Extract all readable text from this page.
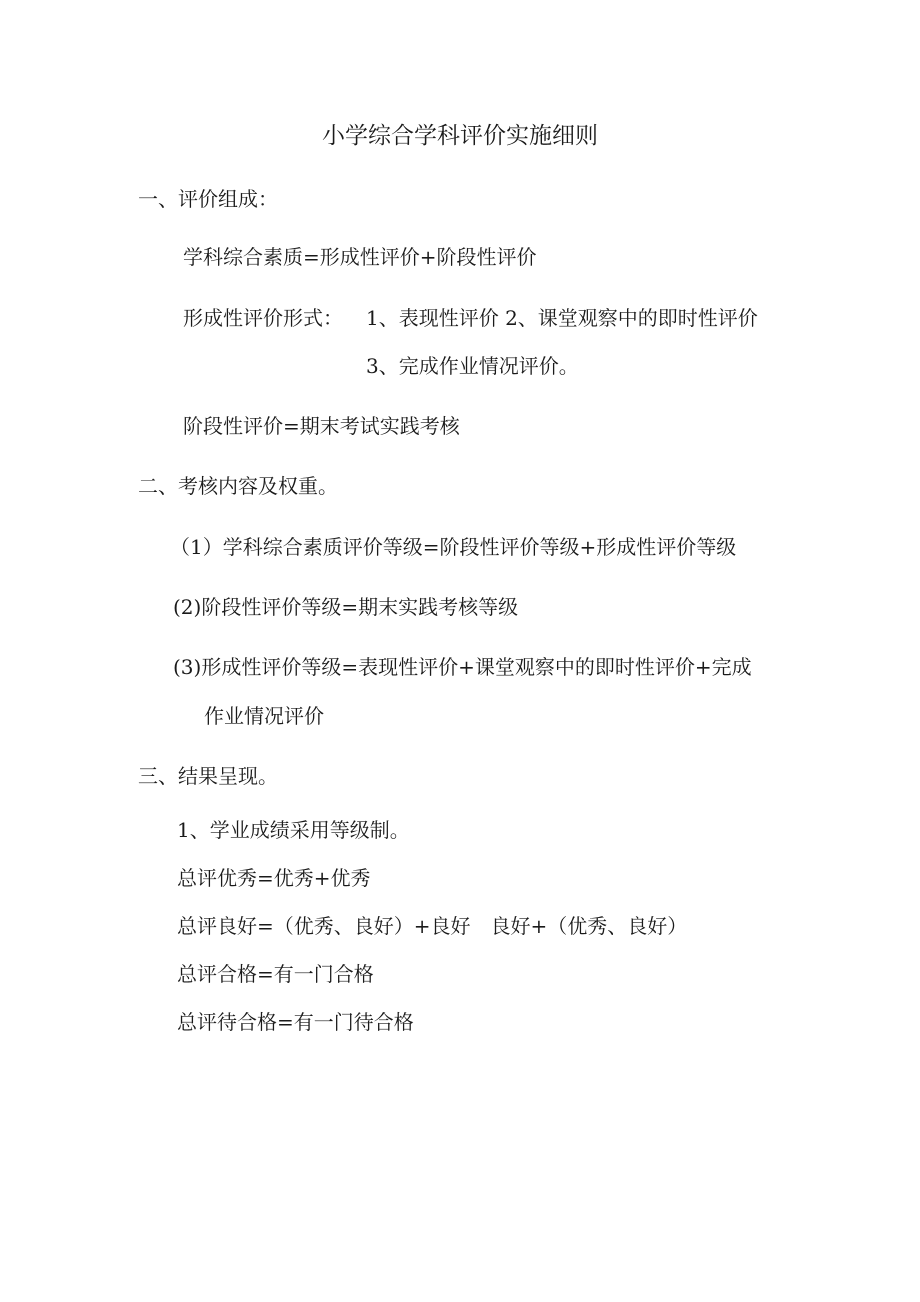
小学综合学科评价实施细则
一、评价组成：
学科综合素质=形成性评价+阶段性评价
形成性评价形式： 1、表现性评价 2、课堂观察中的即时性评价
3、完成作业情况评价。
阶段性评价=期末考试实践考核
二、考核内容及权重。
（1）学科综合素质评价等级=阶段性评价等级+形成性评价等级
(2)阶段性评价等级=期末实践考核等级
(3)形成性评价等级=表现性评价+课堂观察中的即时性评价+完成
作业情况评价
三、结果呈现。
1、学业成绩采用等级制。
总评优秀=优秀+优秀
总评良好=（优秀、良好）+良好　良好+（优秀、良好）
总评合格=有一门合格
总评待合格=有一门待合格
